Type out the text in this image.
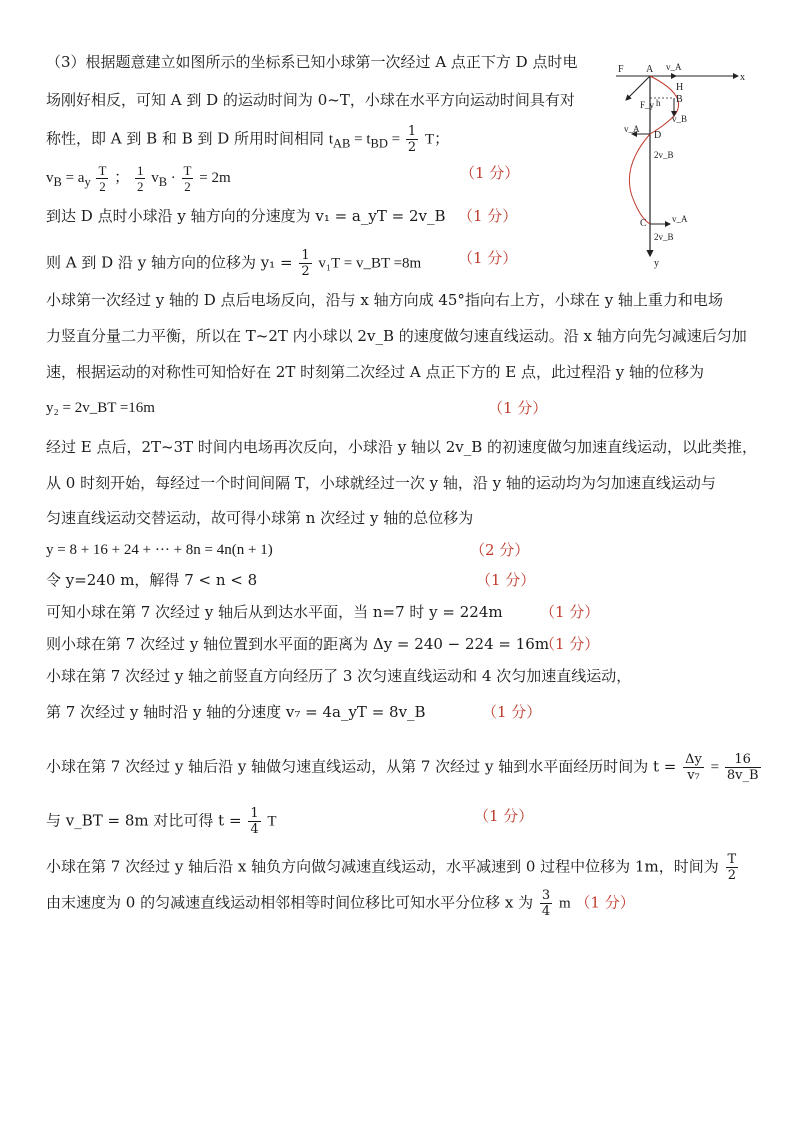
（3）根据题意建立如图所示的坐标系已知小球第一次经过 A 点正下方 D 点时电
场刚好相反，可知 A 到 D 的运动时间为 0~T，小球在水平方向运动时间具有对
称性，即 A 到 B 和 B 到 D 所用时间相同 $t_{AB} = t_{BD} = \frac{1}{2}$ T；
$v_B = a_y \frac{T}{2}$ ； $\frac{1}{2} v_B \cdot \frac{T}{2} = 2m$	（1 分）
到达 D 点时小球沿 y 轴方向的分速度为 v₁ = a_yT = 2v_B （1 分）
则 A 到 D 沿 y 轴方向的位移为 $y_1 = \frac{1}{2} v_1T$ = v_BT =8m （1 分）
小球第一次经过 y 轴的 D 点后电场反向，沿与 x 轴方向成 45°指向右上方，小球在 y 轴上重力和电场
力竖直分量二力平衡，所以在 T~2T 内小球以 2v_B 的速度做匀速直线运动。沿 x 轴方向先匀减速后匀加
速，根据运动的对称性可知恰好在 2T 时刻第二次经过 A 点正下方的 E 点，此过程沿 y 轴的位移为
y₂ = 2v_BT =16m	（1 分）
经过 E 点后，2T~3T 时间内电场再次反向，小球沿 y 轴以 2v_B 的初速度做匀加速直线运动，以此类推，
从 0 时刻开始，每经过一个时间间隔 T，小球就经过一次 y 轴，沿 y 轴的运动均为匀加速直线运动与
匀速直线运动交替运动，故可得小球第 n 次经过 y 轴的总位移为
y = 8 + 16 + 24 + ··· + 8n = 4n(n + 1)	（2 分）
令 y=240 m，解得 7 < n < 8	（1 分）
可知小球在第 7 次经过 y 轴后从到达水平面，当 n=7 时 y = 224m （1 分）
则小球在第 7 次经过 y 轴位置到水平面的距离为 Δy = 240 − 224 = 16m
（1 分）
小球在第 7 次经过 y 轴之前竖直方向经历了 3 次匀速直线运动和 4 次匀加速直线运动，
第 7 次经过 y 轴时沿 y 轴的分速度 v₇ = 4a_yT = 8v_B	（1 分）
小球在第 7 次经过 y 轴后沿 y 轴做匀速直线运动，从第 7 次经过 y 轴到水平面经历时间为 $t = \frac{\Delta y}{\text{v₇}} = \frac{16}{8v\_B}$
与 v_BT = 8m 对比可得 $t = \frac{1}{4}$ T	（1 分）
小球在第 7 次经过 y 轴后沿 x 轴负方向做匀减速直线运动，水平减速到 0 过程中位移为 1m，时间为 $\frac{T}{2}$
由末速度为 0 的匀减速直线运动相邻相等时间位移比可知水平分位移 x 为 $\frac{3}{4}$ m （1 分）
F A v_A
x
H
F_y h B
v_B
v_A
D
2v_B
C	v_A
2v_B
y
